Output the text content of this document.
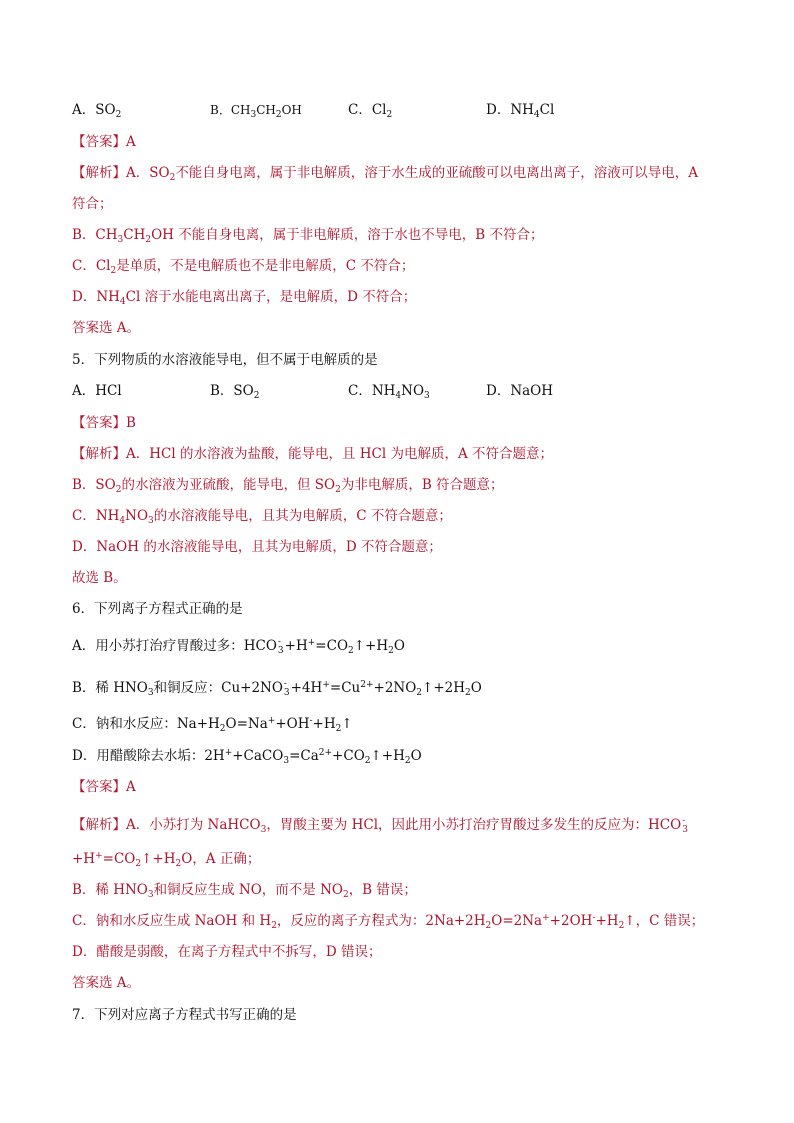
A．$SO_2$	B．$CH_3CH_2OH$	C．$Cl_2$	D．$NH_4Cl$
【答案】A
【解析】A．$SO_2$不能自身电离，属于非电解质，溶于水生成的亚硫酸可以电离出离子，溶液可以导电，A
符合；
B．$CH_3CH_2OH$ 不能自身电离，属于非电解质，溶于水也不导电，B 不符合；
C．$Cl_2$是单质，不是电解质也不是非电解质，C 不符合；
D．$NH_4Cl$ 溶于水能电离出离子，是电解质，D 不符合；
答案选 A。
5．下列物质的水溶液能导电，但不属于电解质的是
A．HCl	B．$SO_2$	C．$NH_4NO_3$	D．NaOH
【答案】B
【解析】A．HCl 的水溶液为盐酸，能导电，且 HCl 为电解质，A 不符合题意；
B．$SO_2$的水溶液为亚硫酸，能导电，但 $SO_2$为非电解质，B 符合题意；
C．$NH_4NO_3$的水溶液能导电，且其为电解质，C 不符合题意；
D．NaOH 的水溶液能导电，且其为电解质，D 不符合题意；
故选 B。
6．下列离子方程式正确的是
A．用小苏打治疗胃酸过多：HCO -
$3 +H^+=CO_2↑+H_2O$
B．稀 $HNO_3$和铜反应：Cu+2NO -
$3 +4H^+=Cu^{2+}+2NO_2↑+2H_2O$
C．钠和水反应：$Na+H_2O=Na^++OH^-+H_2↑$
D．用醋酸除去水垢：$2H^++CaCO_3=Ca^{2+}+CO_2↑+H_2O$
【答案】A
【解析】A．小苏打为 NaHCO$_3$，胃酸主要为 HCl，因此用小苏打治疗胃酸过多发生的反应为：HCO -
3
$+H^+=CO_2↑+H_2O$，A 正确；
B．稀 $HNO_3$和铜反应生成 NO，而不是 $NO_2$，B 错误；
C．钠和水反应生成 NaOH 和 $H_2$，反应的离子方程式为：$2Na+2H_2O=2Na^++2OH^-+H_2↑$，C 错误；
D．醋酸是弱酸，在离子方程式中不拆写，D 错误；
答案选 A。
7．下列对应离子方程式书写正确的是
